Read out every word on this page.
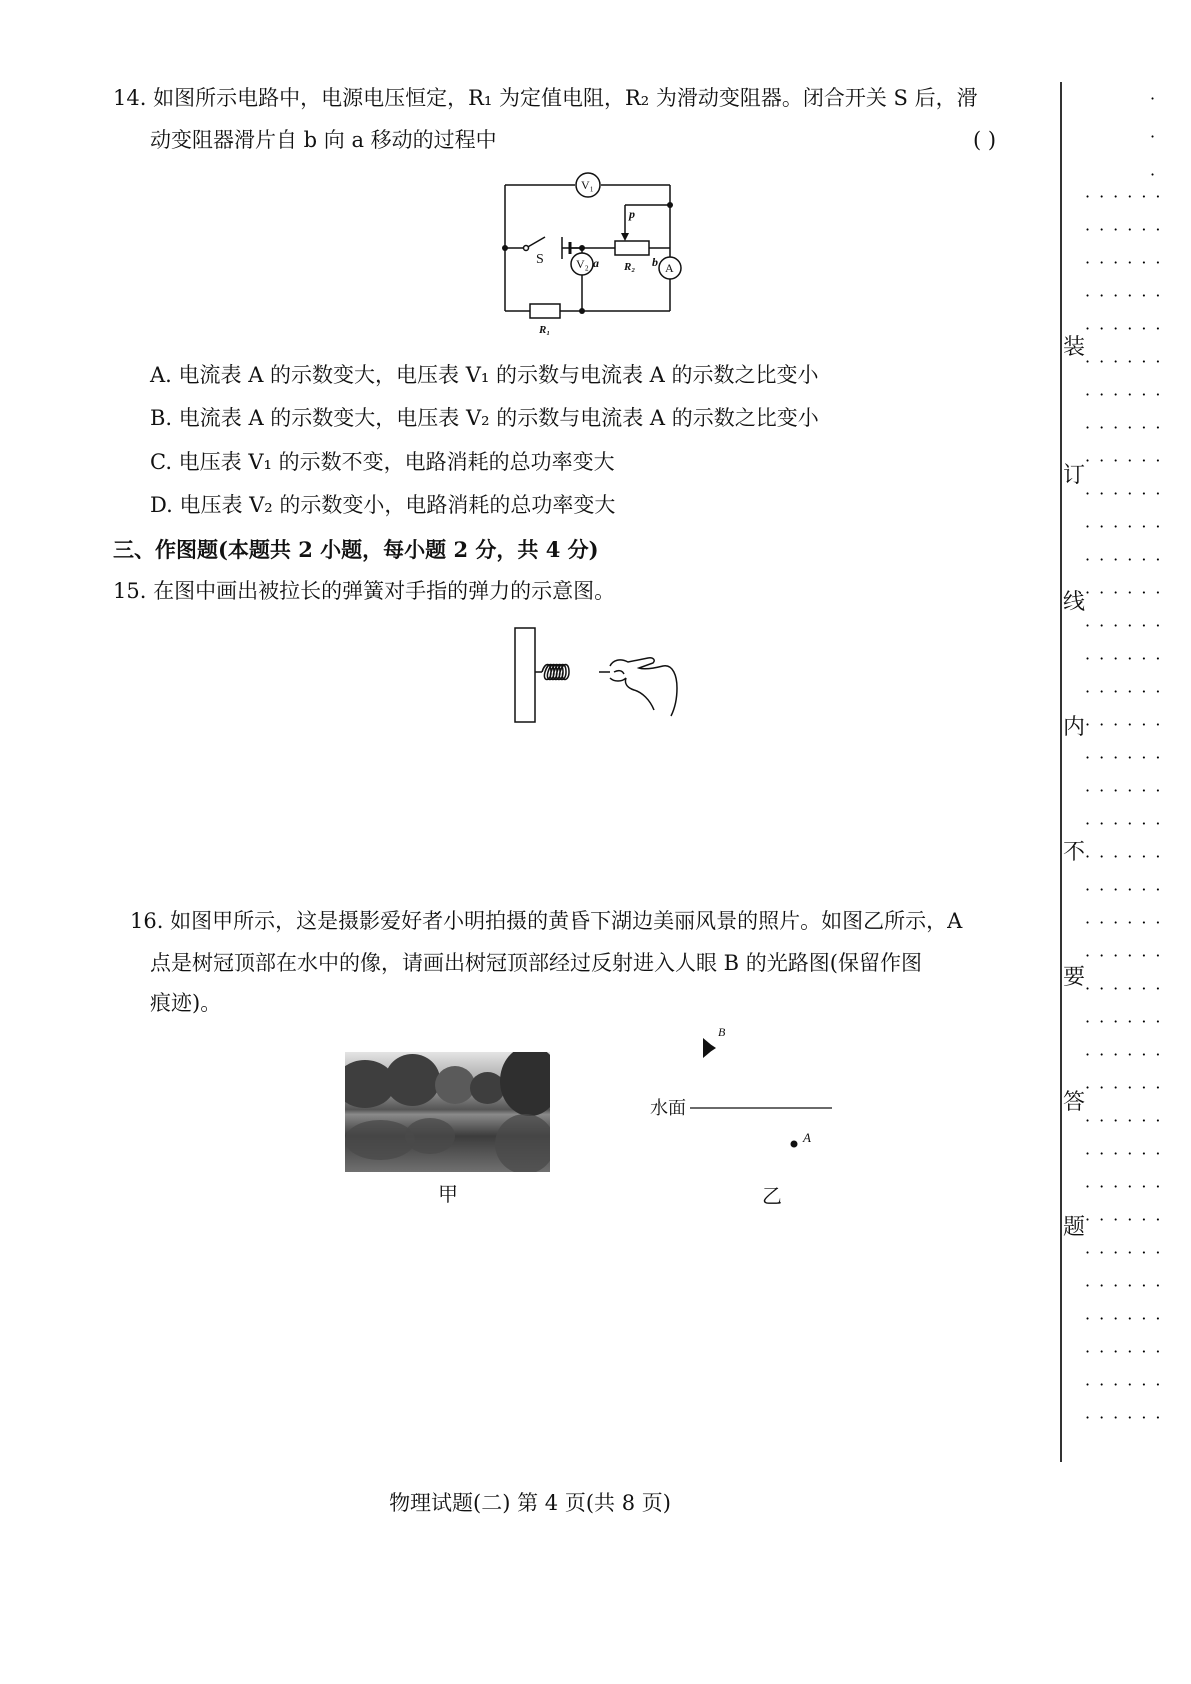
14. 如图所示电路中，电源电压恒定，R₁ 为定值电阻，R₂ 为滑动变阻器。闭合开关 S 后，滑
动变阻器滑片自 b 向 a 移动的过程中	( )
V₁
V₂	A
S
p
a	b
R₂
R₁
A. 电流表 A 的示数变大，电压表 V₁ 的示数与电流表 A 的示数之比变小
B. 电流表 A 的示数变大，电压表 V₂ 的示数与电流表 A 的示数之比变小
C. 电压表 V₁ 的示数不变，电路消耗的总功率变大
D. 电压表 V₂ 的示数变小，电路消耗的总功率变大
三、作图题(本题共 2 小题，每小题 2 分，共 4 分)
15. 在图中画出被拉长的弹簧对手指的弹力的示意图。
16. 如图甲所示，这是摄影爱好者小明拍摄的黄昏下湖边美丽风景的照片。如图乙所示，A
点是树冠顶部在水中的像，请画出树冠顶部经过反射进入人眼 B 的光路图(保留作图
痕迹)。
甲
B
水面
A
乙
物理试题(二) 第 4 页(共 8 页)
·
·
·
······
······
······
······
······
······
······
······
······
······
······
······
······
······
······
······
······
······
······
······
······
······
······
······
······
······
······
······
······
······
······
······
······
······
······
······
······
······
装
订
线
内
不
要
答
题
